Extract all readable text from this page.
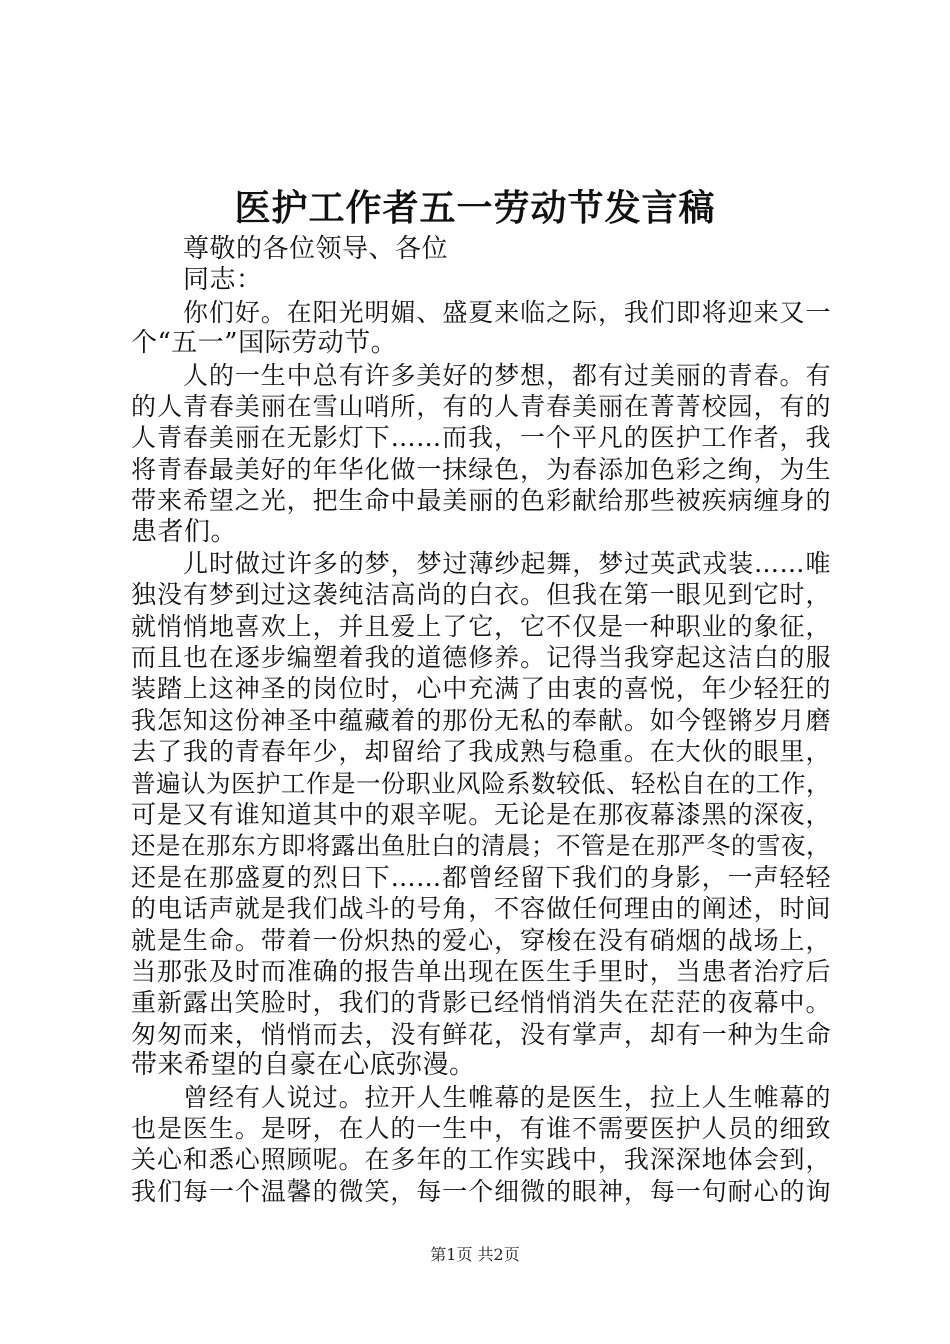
医护工作者五一劳动节发言稿
尊敬的各位领导、各位
同志：
你们好。在阳光明媚、盛夏来临之际，我们即将迎来又一
个“五一”国际劳动节。
人的一生中总有许多美好的梦想，都有过美丽的青春。有
的人青春美丽在雪山哨所，有的人青春美丽在菁菁校园，有的
人青春美丽在无影灯下……而我，一个平凡的医护工作者，我
将青春最美好的年华化做一抹绿色，为春添加色彩之绚，为生
带来希望之光，把生命中最美丽的色彩献给那些被疾病缠身的
患者们。
儿时做过许多的梦，梦过薄纱起舞，梦过英武戎装……唯
独没有梦到过这袭纯洁高尚的白衣。但我在第一眼见到它时，
就悄悄地喜欢上，并且爱上了它，它不仅是一种职业的象征，
而且也在逐步编塑着我的道德修养。记得当我穿起这洁白的服
装踏上这神圣的岗位时，心中充满了由衷的喜悦，年少轻狂的
我怎知这份神圣中蕴藏着的那份无私的奉献。如今铿锵岁月磨
去了我的青春年少，却留给了我成熟与稳重。在大伙的眼里，
普遍认为医护工作是一份职业风险系数较低、轻松自在的工作，
可是又有谁知道其中的艰辛呢。无论是在那夜幕漆黑的深夜，
还是在那东方即将露出鱼肚白的清晨；不管是在那严冬的雪夜，
还是在那盛夏的烈日下……都曾经留下我们的身影，一声轻轻
的电话声就是我们战斗的号角，不容做任何理由的阐述，时间
就是生命。带着一份炽热的爱心，穿梭在没有硝烟的战场上，
当那张及时而准确的报告单出现在医生手里时，当患者治疗后
重新露出笑脸时，我们的背影已经悄悄消失在茫茫的夜幕中。
匆匆而来，悄悄而去，没有鲜花，没有掌声，却有一种为生命
带来希望的自豪在心底弥漫。
曾经有人说过。拉开人生帷幕的是医生，拉上人生帷幕的
也是医生。是呀，在人的一生中，有谁不需要医护人员的细致
关心和悉心照顾呢。在多年的工作实践中，我深深地体会到，
我们每一个温馨的微笑，每一个细微的眼神，每一句耐心的询
第1页 共2页
